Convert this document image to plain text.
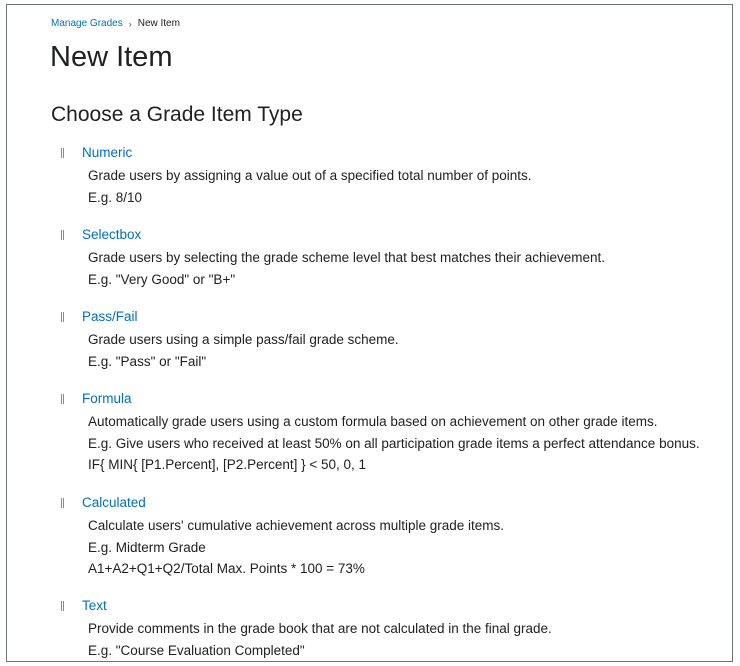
Manage Grades › New Item
New Item
Choose a Grade Item Type
Numeric
Grade users by assigning a value out of a specified total number of points.
E.g. 8/10
Selectbox
Grade users by selecting the grade scheme level that best matches their achievement.
E.g. "Very Good" or "B+"
Pass/Fail
Grade users using a simple pass/fail grade scheme.
E.g. "Pass" or "Fail"
Formula
Automatically grade users using a custom formula based on achievement on other grade items.
E.g. Give users who received at least 50% on all participation grade items a perfect attendance bonus.
IF{ MIN{ [P1.Percent], [P2.Percent] } < 50, 0, 1
Calculated
Calculate users' cumulative achievement across multiple grade items.
E.g. Midterm Grade
A1+A2+Q1+Q2/Total Max. Points * 100 = 73%
Text
Provide comments in the grade book that are not calculated in the final grade.
E.g. "Course Evaluation Completed"
